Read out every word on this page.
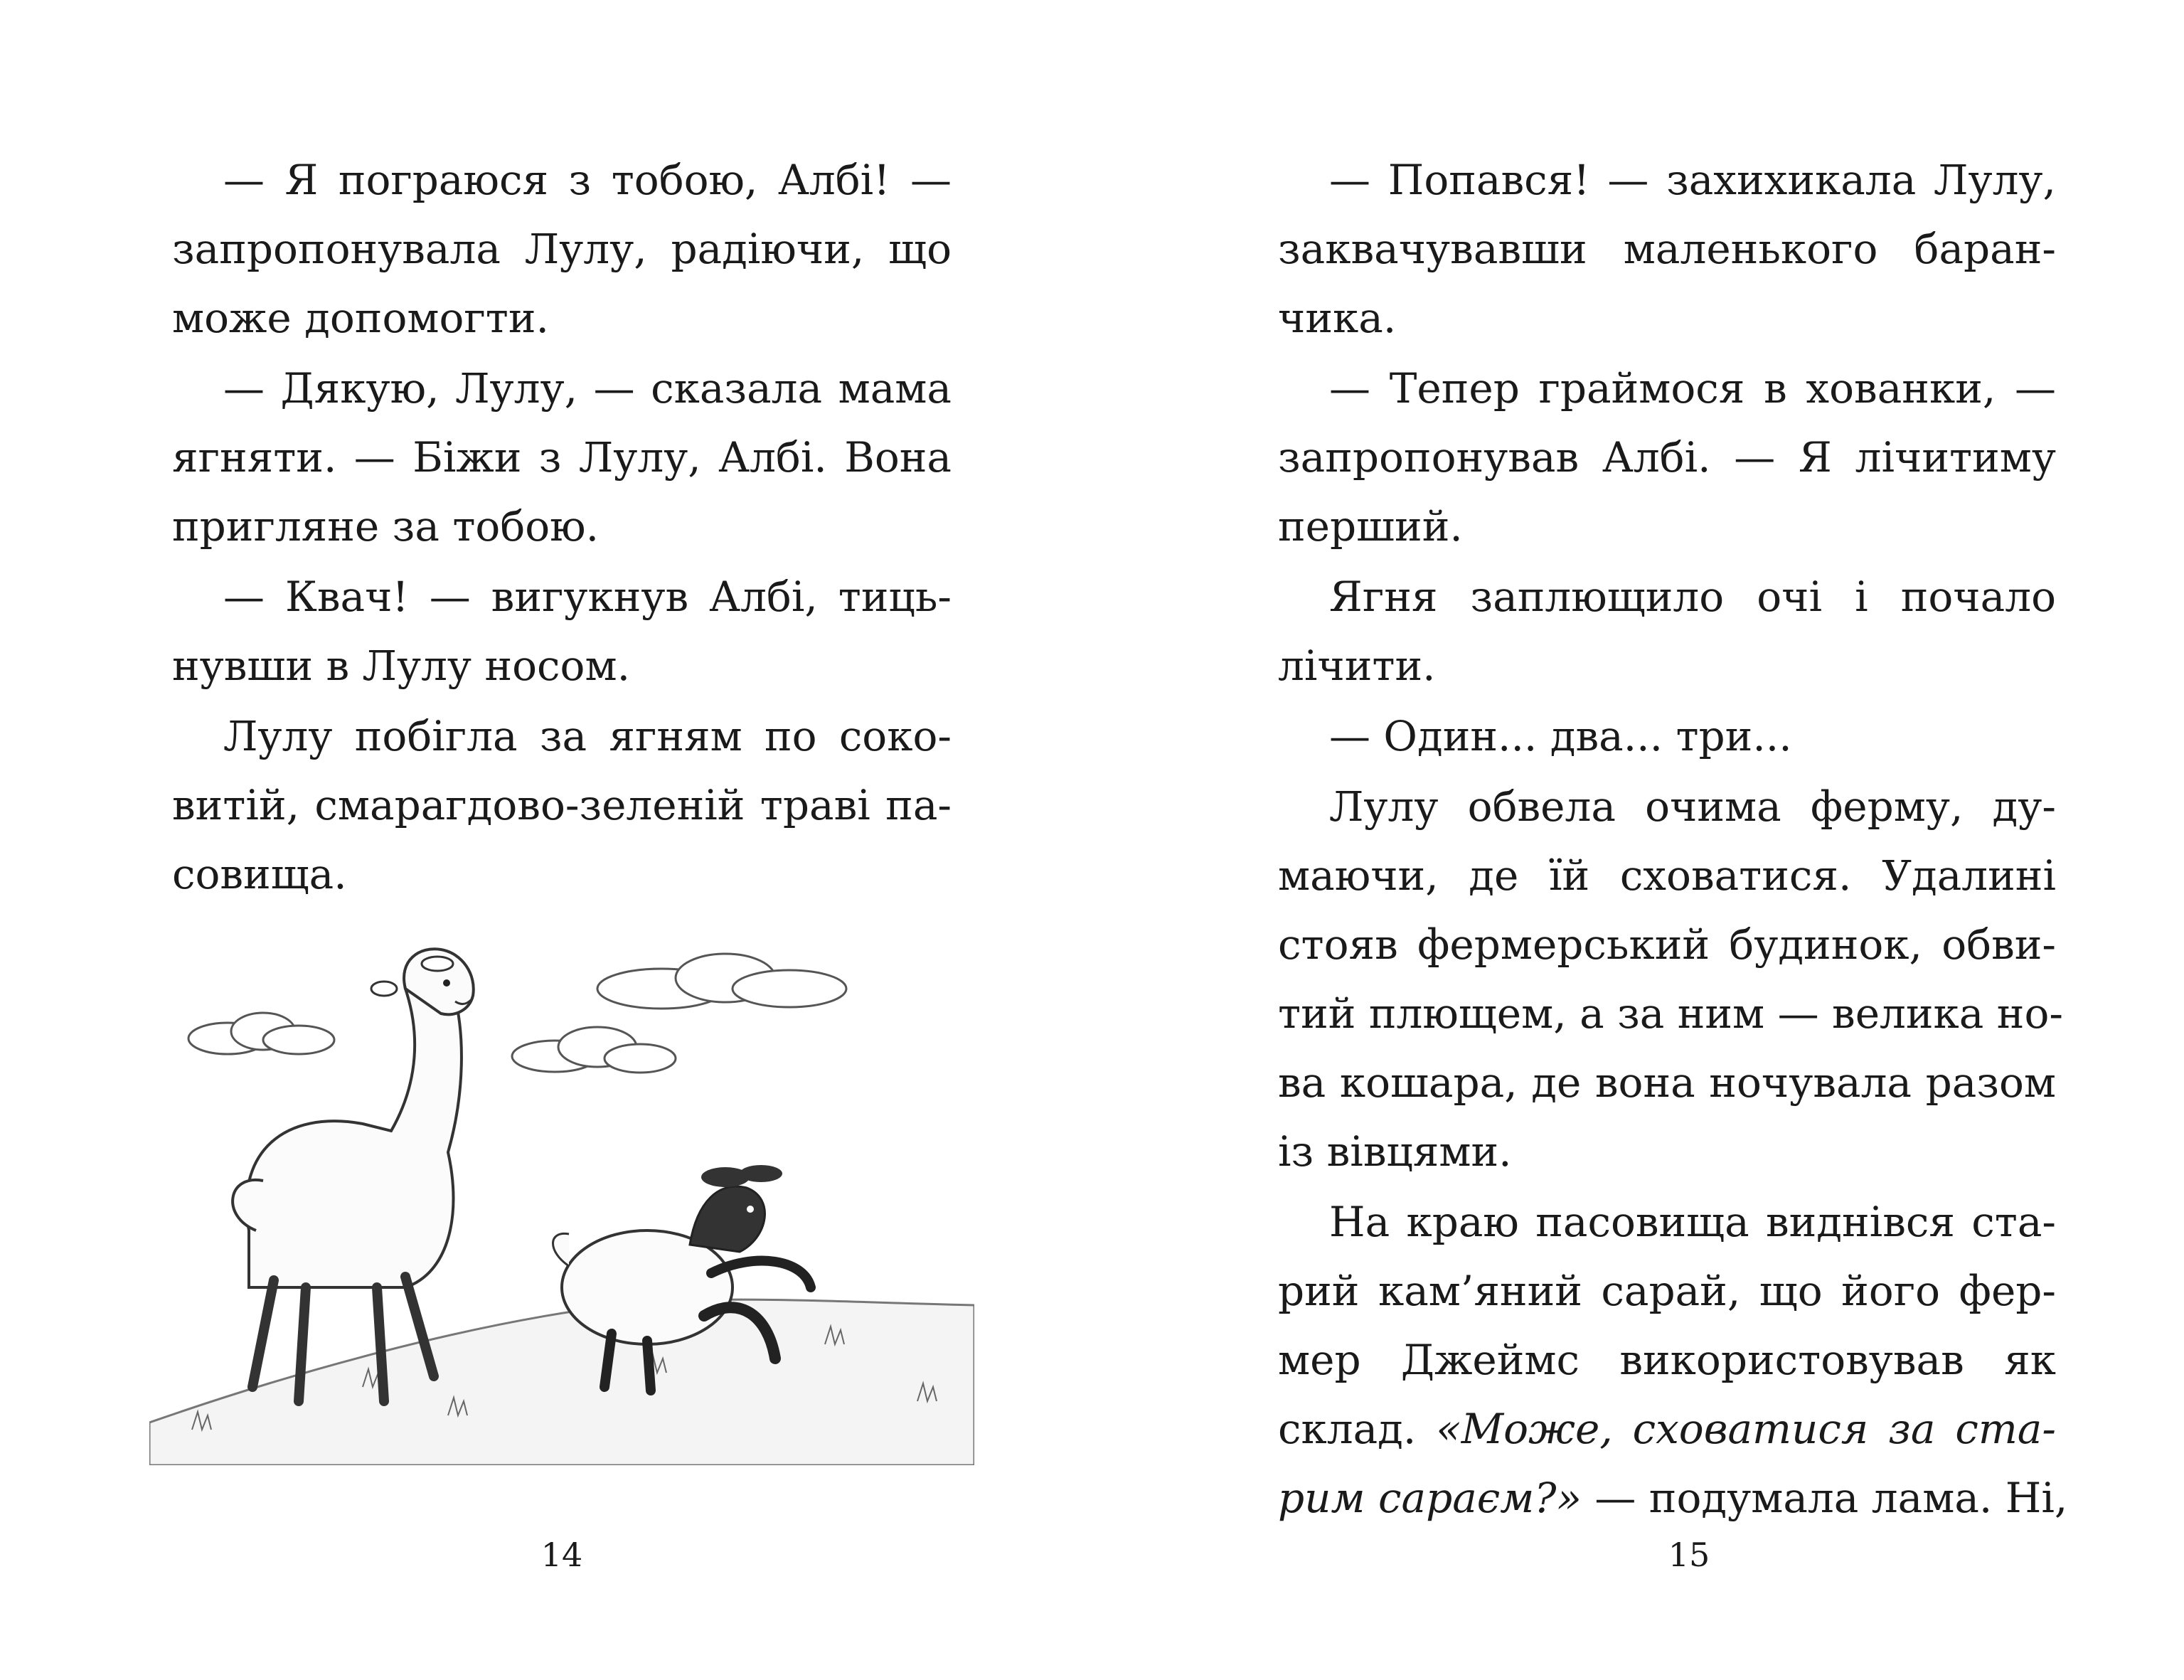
— Я пограюся з тобою, Албі! —
запропонувала Лулу, радіючи, що
може допомогти.

— Дякую, Лулу, — сказала мама
ягняти. — Біжи з Лулу, Албі. Вона
пригляне за тобою.

— Квач! — вигукнув Албі, тиць-
нувши в Лулу носом.

Лулу побігла за ягням по соко-
витій, смарагдово-зеленій траві па-
совища.

14

— Попався! — захихикала Лулу,
заквачувавши маленького баран-
чика.

— Тепер граймося в хованки, —
запропонував Албі. — Я лічитиму
перший.

Ягня заплющило очі і почало
лічити.

— Один... два... три...

Лулу обвела очима ферму, ду-
маючи, де їй сховатися. Удалині
стояв фермерський будинок, обви-
тий плющем, а за ним — велика но-
ва кошара, де вона ночувала разом
із вівцями.

На краю пасовища виднівся ста-
рий кам’яний сарай, що його фер-
мер Джеймс використовував як
склад. «Може, сховатися за ста-
рим сараєм?» — подумала лама. Ні,

15
